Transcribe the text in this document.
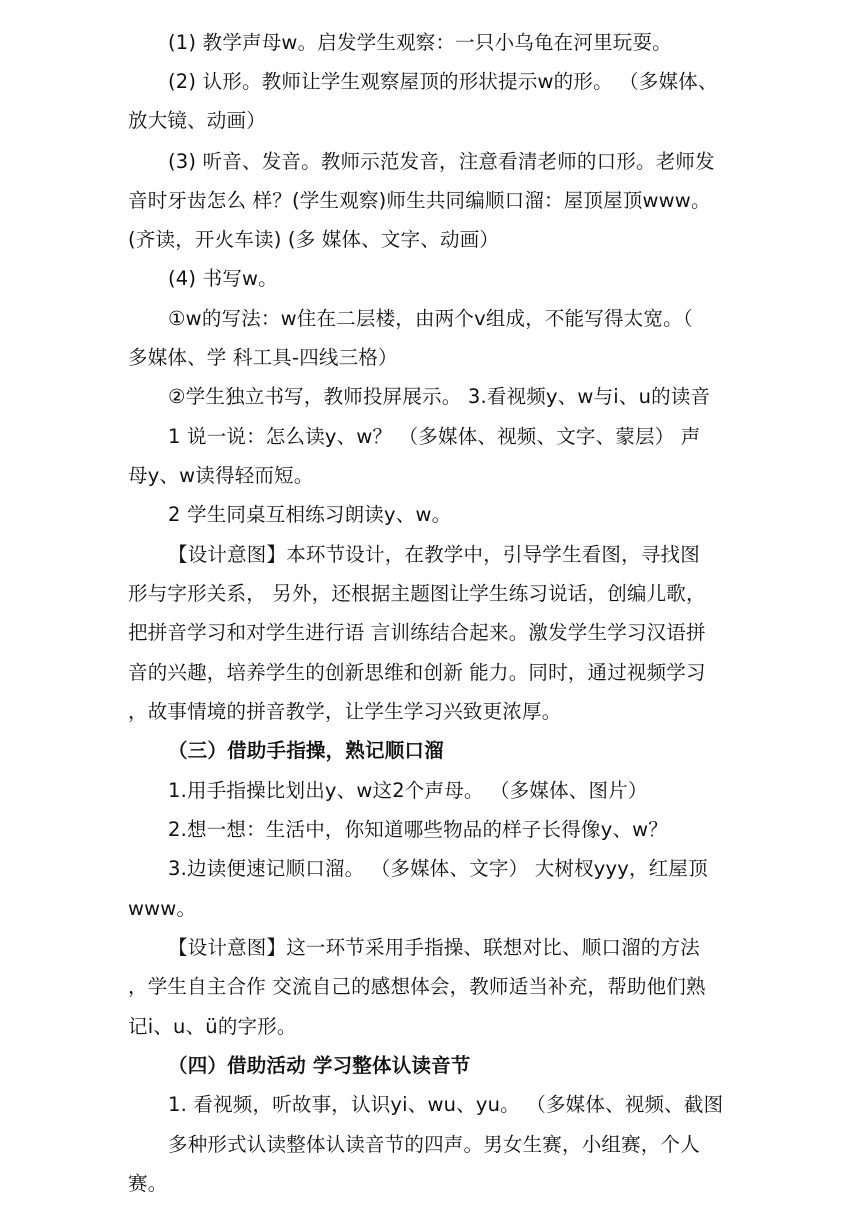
(1) 教学声母w。启发学生观察：一只小乌龟在河里玩耍。
(2) 认形。教师让学生观察屋顶的形状提示w的形。 （多媒体、
放大镜、动画）
(3) 听音、发音。教师示范发音，注意看清老师的口形。老师发
音时牙齿怎么 样？(学生观察)师生共同编顺口溜：屋顶屋顶www。
(齐读，开火车读) (多 媒体、文字、动画）
(4) 书写w。
①w的写法：w住在二层楼，由两个v组成，不能写得太宽。（
多媒体、学 科工具-四线三格）
②学生独立书写，教师投屏展示。 3.看视频y、w与i、u的读音
1 说一说：怎么读y、w？ （多媒体、视频、文字、蒙层） 声
母y、w读得轻而短。
2 学生同桌互相练习朗读y、w。
【设计意图】本环节设计，在教学中，引导学生看图，寻找图
形与字形关系， 另外，还根据主题图让学生练习说话，创编儿歌，
把拼音学习和对学生进行语 言训练结合起来。激发学生学习汉语拼
音的兴趣，培养学生的创新思维和创新 能力。同时，通过视频学习
，故事情境的拼音教学，让学生学习兴致更浓厚。
（三）借助手指操，熟记顺口溜
1.用手指操比划出y、w这2个声母。 （多媒体、图片）
2.想一想：生活中，你知道哪些物品的样子长得像y、w？
3.边读便速记顺口溜。 （多媒体、文字） 大树杈yyy，红屋顶
www。
【设计意图】这一环节采用手指操、联想对比、顺口溜的方法
，学生自主合作 交流自己的感想体会，教师适当补充，帮助他们熟
记i、u、ü的字形。
（四）借助活动 学习整体认读音节
1. 看视频，听故事，认识yi、wu、yu。 （多媒体、视频、截图
多种形式认读整体认读音节的四声。男女生赛，小组赛，个人
赛。
